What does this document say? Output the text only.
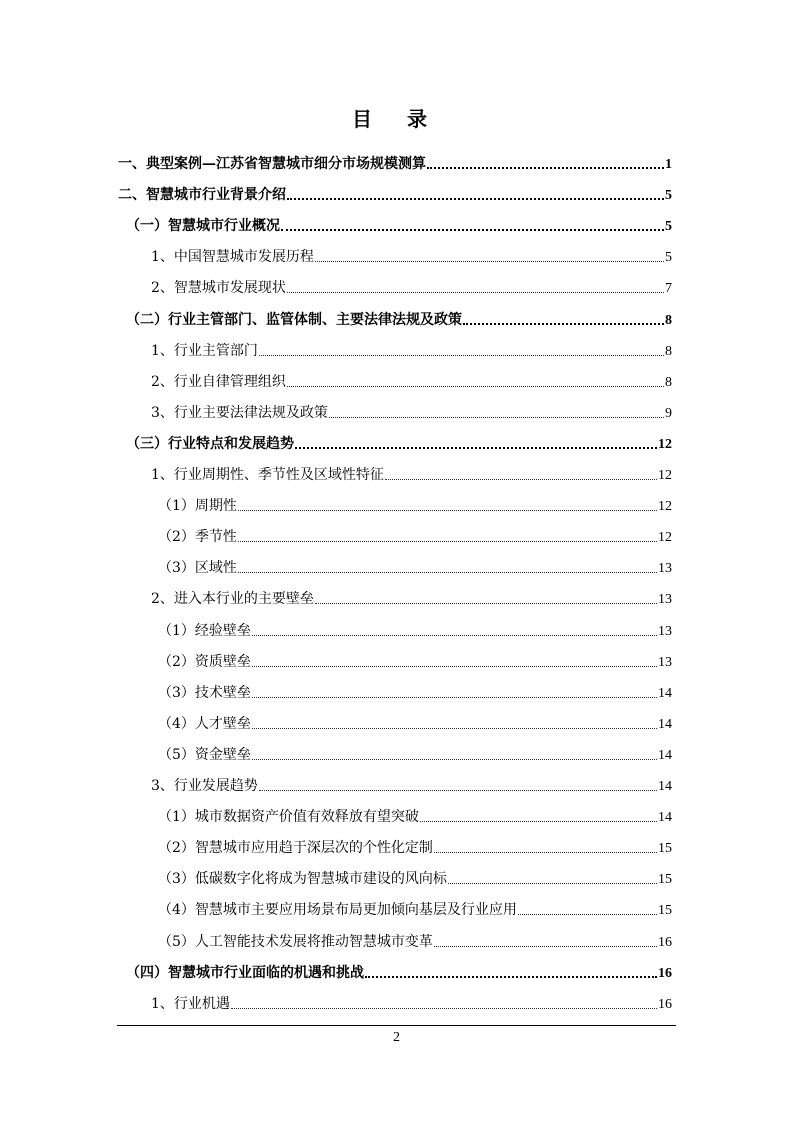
目 录
一、典型案例—江苏省智慧城市细分市场规模测算	1
二、智慧城市行业背景介绍	5
（一）智慧城市行业概况	5
1、中国智慧城市发展历程	5
2、智慧城市发展现状	7
（二）行业主管部门、监管体制、主要法律法规及政策	8
1、行业主管部门	8
2、行业自律管理组织	8
3、行业主要法律法规及政策	9
（三）行业特点和发展趋势	12
1、行业周期性、季节性及区域性特征	12
（1）周期性	12
（2）季节性	12
（3）区域性	13
2、进入本行业的主要壁垒	13
（1）经验壁垒	13
（2）资质壁垒	13
（3）技术壁垒	14
（4）人才壁垒	14
（5）资金壁垒	14
3、行业发展趋势	14
（1）城市数据资产价值有效释放有望突破	14
（2）智慧城市应用趋于深层次的个性化定制	15
（3）低碳数字化将成为智慧城市建设的风向标	15
（4）智慧城市主要应用场景布局更加倾向基层及行业应用	15
（5）人工智能技术发展将推动智慧城市变革	16
（四）智慧城市行业面临的机遇和挑战	16
1、行业机遇	16
2
